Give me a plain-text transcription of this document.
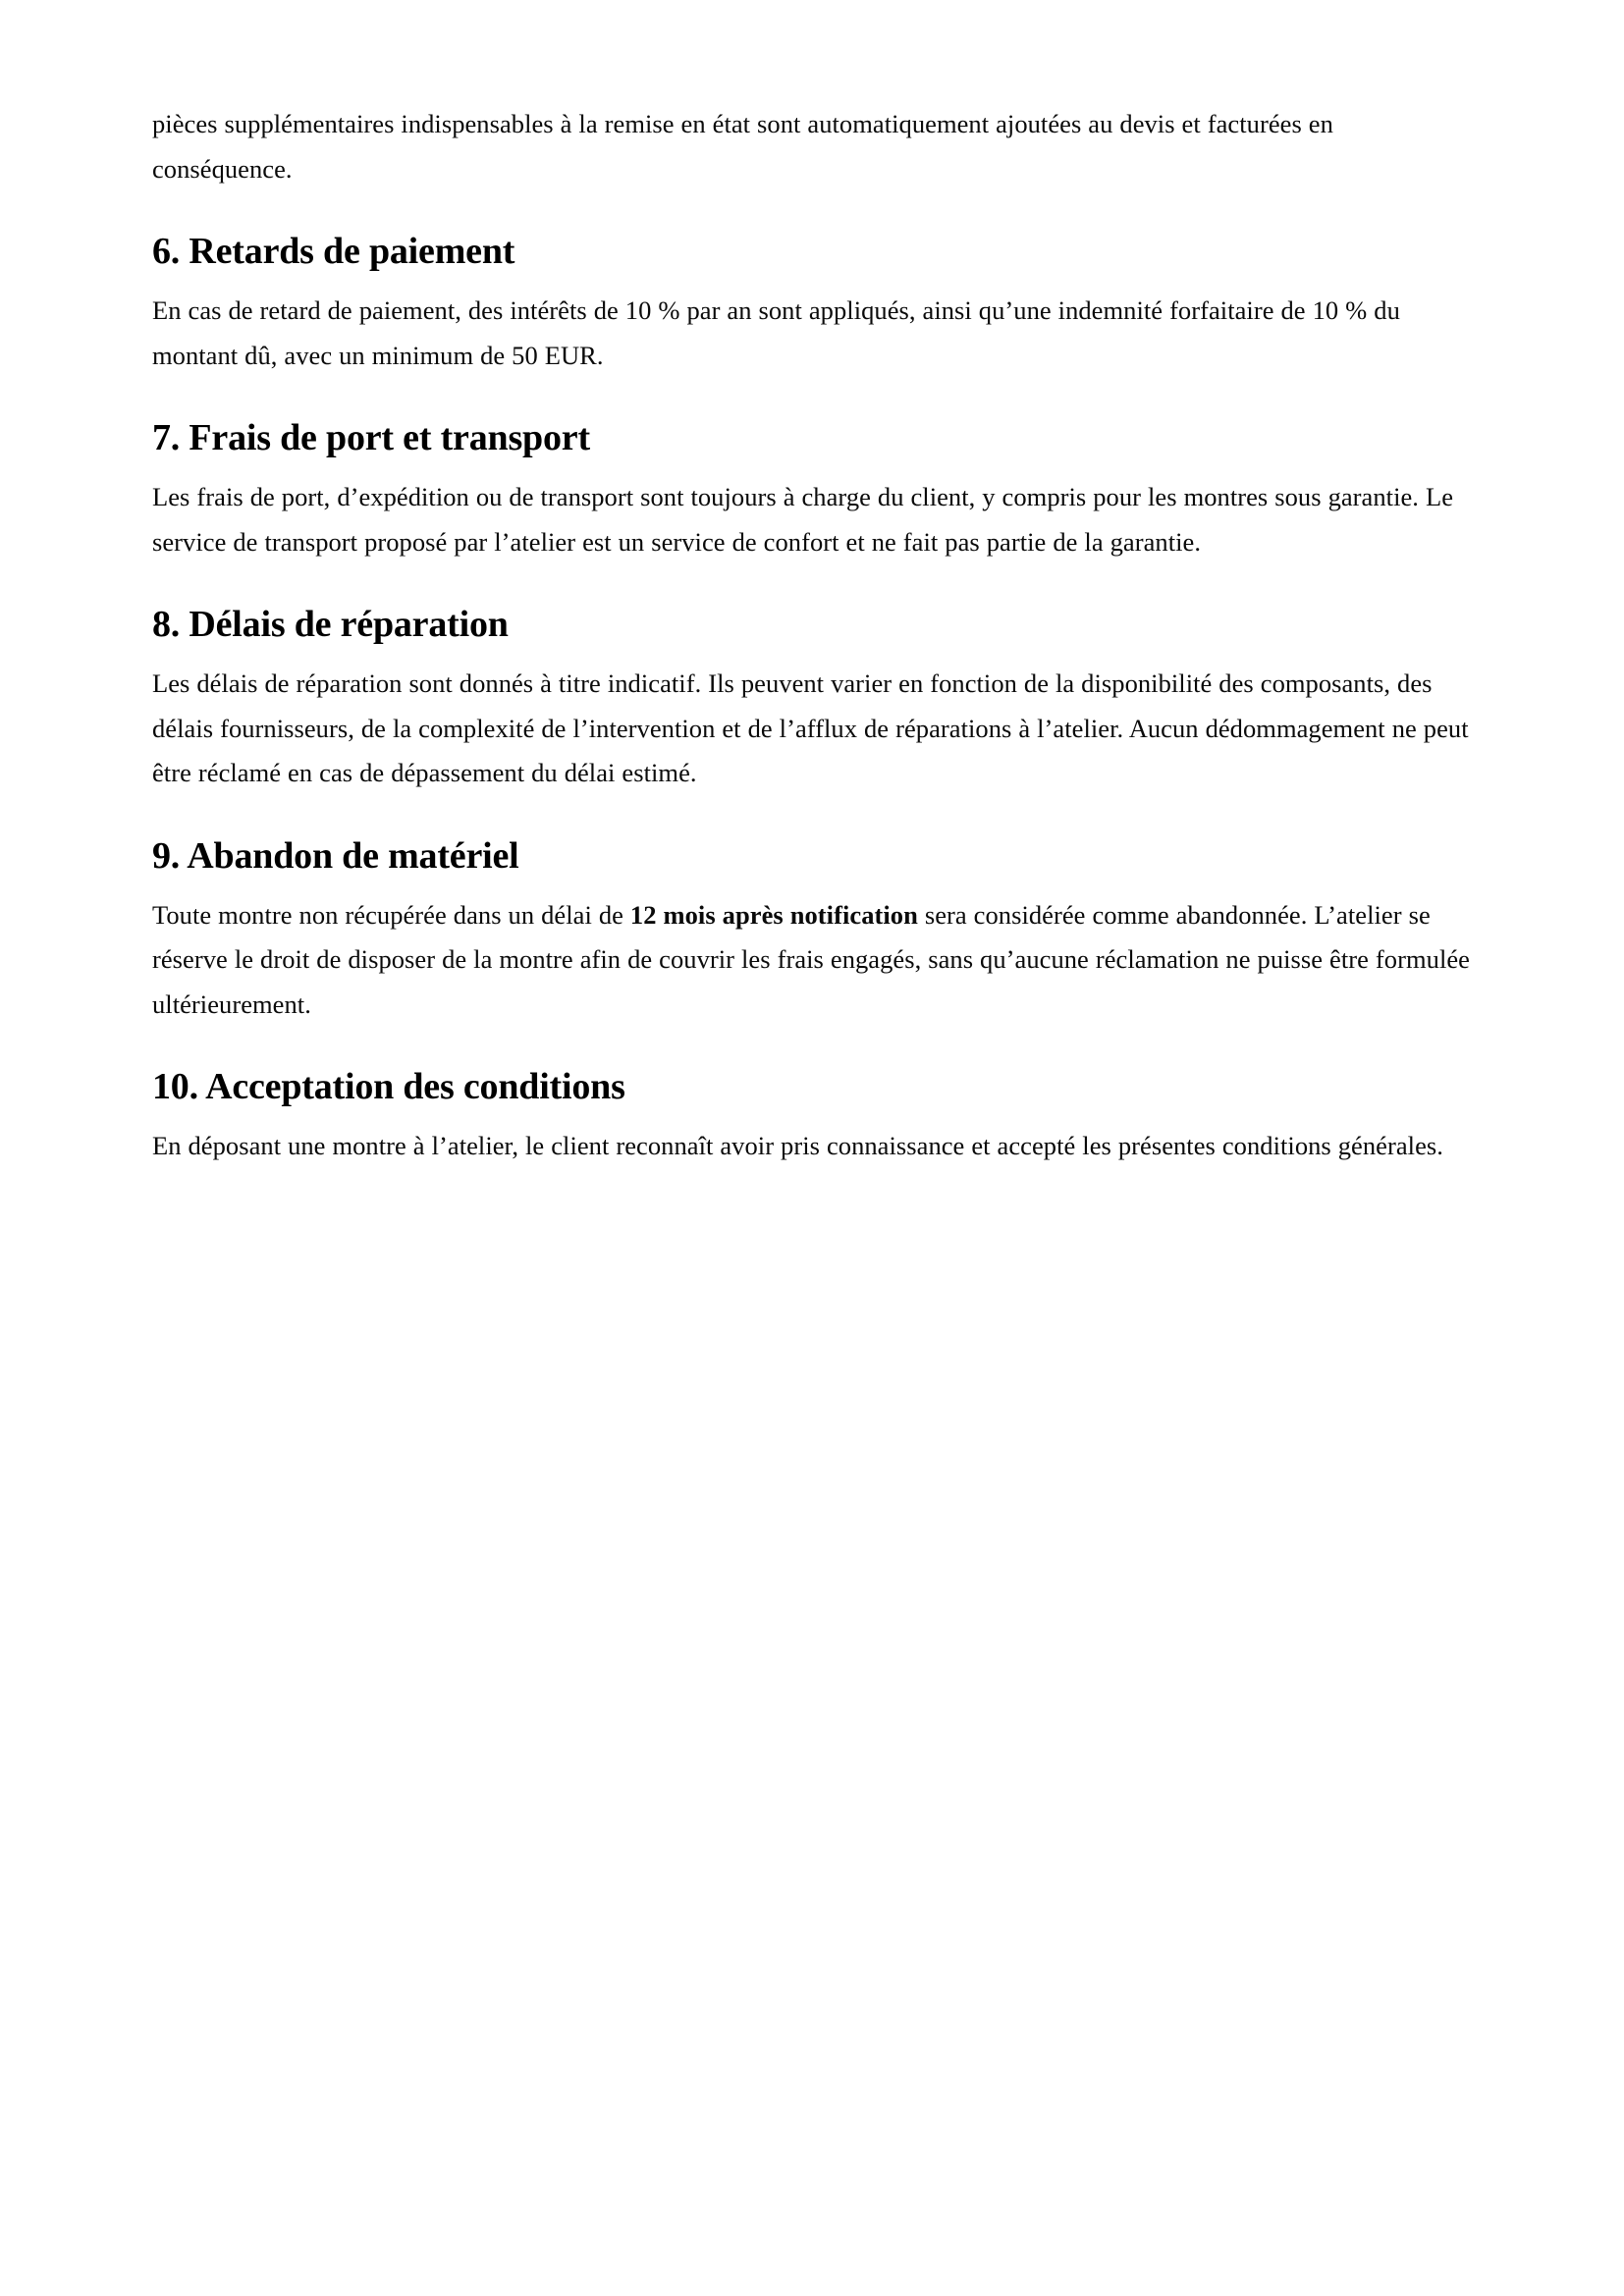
pièces supplémentaires indispensables à la remise en état sont automatiquement ajoutées au devis et facturées en conséquence.

6. Retards de paiement

En cas de retard de paiement, des intérêts de 10 % par an sont appliqués, ainsi qu’une indemnité forfaitaire de 10 % du montant dû, avec un minimum de 50 EUR.

7. Frais de port et transport

Les frais de port, d’expédition ou de transport sont toujours à charge du client, y compris pour les montres sous garantie. Le service de transport proposé par l’atelier est un service de confort et ne fait pas partie de la garantie.

8. Délais de réparation

Les délais de réparation sont donnés à titre indicatif. Ils peuvent varier en fonction de la disponibilité des composants, des délais fournisseurs, de la complexité de l’intervention et de l’afflux de réparations à l’atelier. Aucun dédommagement ne peut être réclamé en cas de dépassement du délai estimé.

9. Abandon de matériel

Toute montre non récupérée dans un délai de 12 mois après notification sera considérée comme abandonnée. L’atelier se réserve le droit de disposer de la montre afin de couvrir les frais engagés, sans qu’aucune réclamation ne puisse être formulée ultérieurement.

10. Acceptation des conditions

En déposant une montre à l’atelier, le client reconnaît avoir pris connaissance et accepté les présentes conditions générales.
